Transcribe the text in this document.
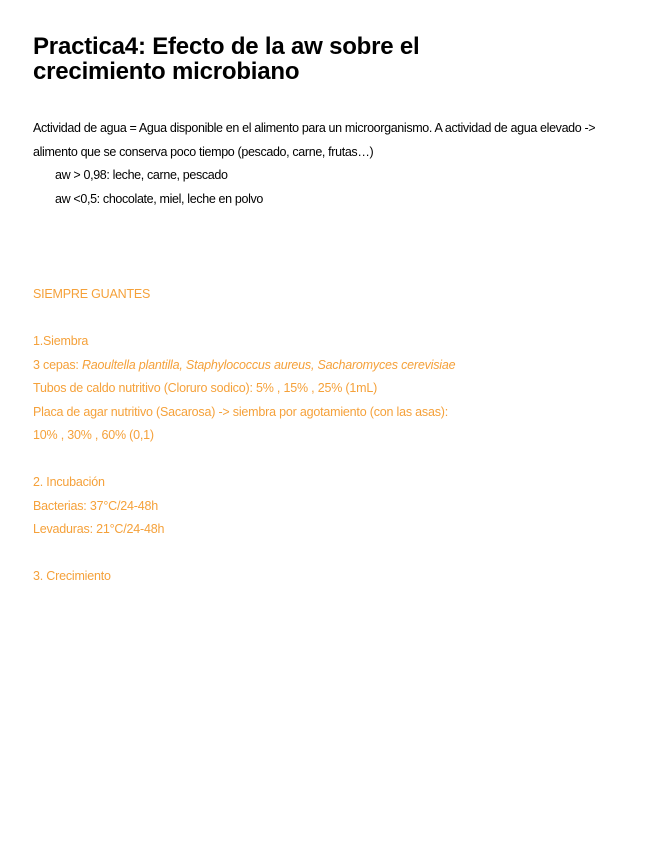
Practica4: Efecto de la aw sobre el
crecimiento microbiano

Actividad de agua = Agua disponible en el alimento para un microorganismo. A actividad de agua elevado -> alimento que se conserva poco tiempo (pescado, carne, frutas…)

aw > 0,98: leche, carne, pescado

aw <0,5: chocolate, miel, leche en polvo

SIEMPRE GUANTES
1.Siembra
3 cepas: Raoultella plantilla, Staphylococcus aureus, Sacharomyces cerevisiae
Tubos de caldo nutritivo (Cloruro sodico): 5% , 15% , 25% (1mL)
Placa de agar nutritivo (Sacarosa) -> siembra por agotamiento (con las asas):
10% , 30% , 60% (0,1)
2. Incubación
Bacterias: 37°C/24-48h
Levaduras: 21°C/24-48h
3. Crecimiento
